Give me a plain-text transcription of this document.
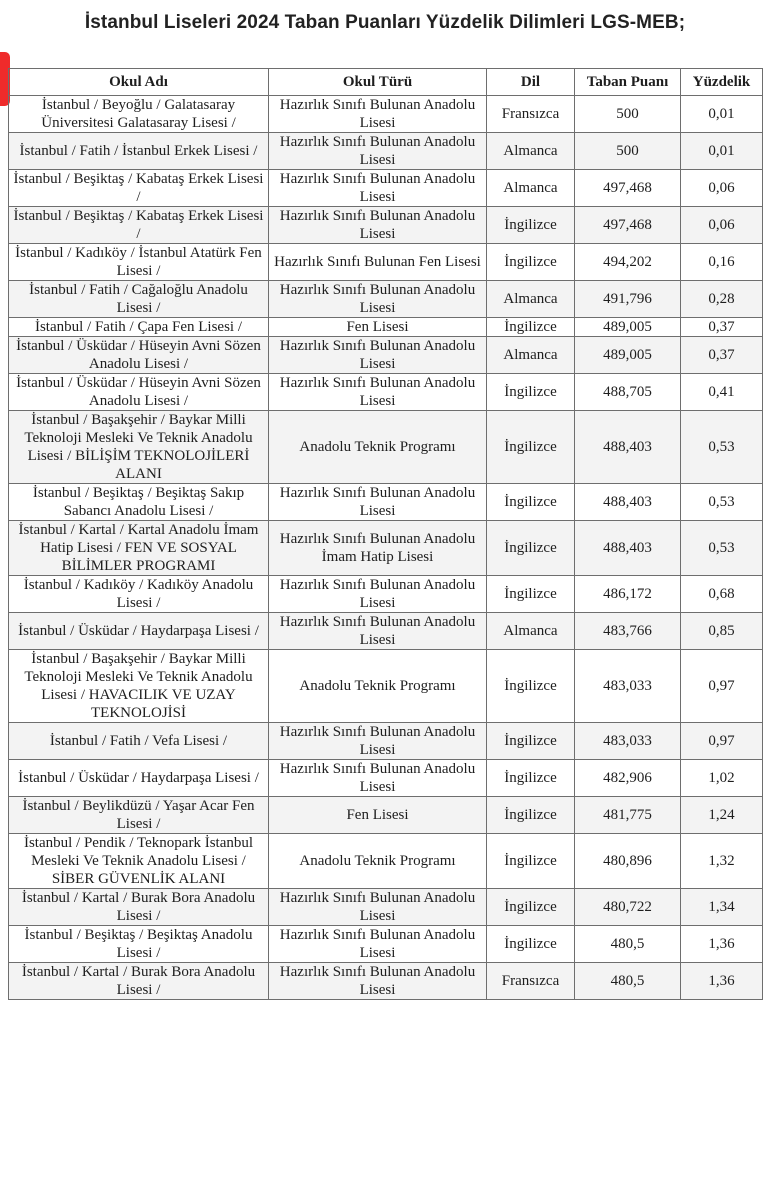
İstanbul Liseleri 2024 Taban Puanları Yüzdelik Dilimleri LGS-MEB;
Okul Adı	Okul Türü	Dil	Taban Puanı	Yüzdelik
İstanbul / Beyoğlu / Galatasaray Üniversitesi Galatasaray Lisesi /	Hazırlık Sınıfı Bulunan Anadolu Lisesi	Fransızca	500	0,01
İstanbul / Fatih / İstanbul Erkek Lisesi /	Hazırlık Sınıfı Bulunan Anadolu Lisesi	Almanca	500	0,01
İstanbul / Beşiktaş / Kabataş Erkek Lisesi /	Hazırlık Sınıfı Bulunan Anadolu Lisesi	Almanca	497,468	0,06
İstanbul / Beşiktaş / Kabataş Erkek Lisesi /	Hazırlık Sınıfı Bulunan Anadolu Lisesi	İngilizce	497,468	0,06
İstanbul / Kadıköy / İstanbul Atatürk Fen Lisesi /	Hazırlık Sınıfı Bulunan Fen Lisesi	İngilizce	494,202	0,16
İstanbul / Fatih / Cağaloğlu Anadolu Lisesi /	Hazırlık Sınıfı Bulunan Anadolu Lisesi	Almanca	491,796	0,28
İstanbul / Fatih / Çapa Fen Lisesi /	Fen Lisesi	İngilizce	489,005	0,37
İstanbul / Üsküdar / Hüseyin Avni Sözen Anadolu Lisesi /	Hazırlık Sınıfı Bulunan Anadolu Lisesi	Almanca	489,005	0,37
İstanbul / Üsküdar / Hüseyin Avni Sözen Anadolu Lisesi /	Hazırlık Sınıfı Bulunan Anadolu Lisesi	İngilizce	488,705	0,41
İstanbul / Başakşehir / Baykar Milli Teknoloji Mesleki Ve Teknik Anadolu Lisesi / BİLİŞİM TEKNOLOJİLERİ ALANI	Anadolu Teknik Programı	İngilizce	488,403	0,53
İstanbul / Beşiktaş / Beşiktaş Sakıp Sabancı Anadolu Lisesi /	Hazırlık Sınıfı Bulunan Anadolu Lisesi	İngilizce	488,403	0,53
İstanbul / Kartal / Kartal Anadolu İmam Hatip Lisesi / FEN VE SOSYAL BİLİMLER PROGRAMI	Hazırlık Sınıfı Bulunan Anadolu İmam Hatip Lisesi	İngilizce	488,403	0,53
İstanbul / Kadıköy / Kadıköy Anadolu Lisesi /	Hazırlık Sınıfı Bulunan Anadolu Lisesi	İngilizce	486,172	0,68
İstanbul / Üsküdar / Haydarpaşa Lisesi /	Hazırlık Sınıfı Bulunan Anadolu Lisesi	Almanca	483,766	0,85
İstanbul / Başakşehir / Baykar Milli Teknoloji Mesleki Ve Teknik Anadolu Lisesi / HAVACILIK VE UZAY TEKNOLOJİSİ	Anadolu Teknik Programı	İngilizce	483,033	0,97
İstanbul / Fatih / Vefa Lisesi /	Hazırlık Sınıfı Bulunan Anadolu Lisesi	İngilizce	483,033	0,97
İstanbul / Üsküdar / Haydarpaşa Lisesi /	Hazırlık Sınıfı Bulunan Anadolu Lisesi	İngilizce	482,906	1,02
İstanbul / Beylikdüzü / Yaşar Acar Fen Lisesi /	Fen Lisesi	İngilizce	481,775	1,24
İstanbul / Pendik / Teknopark İstanbul Mesleki Ve Teknik Anadolu Lisesi / SİBER GÜVENLİK ALANI	Anadolu Teknik Programı	İngilizce	480,896	1,32
İstanbul / Kartal / Burak Bora Anadolu Lisesi /	Hazırlık Sınıfı Bulunan Anadolu Lisesi	İngilizce	480,722	1,34
İstanbul / Beşiktaş / Beşiktaş Anadolu Lisesi /	Hazırlık Sınıfı Bulunan Anadolu Lisesi	İngilizce	480,5	1,36
İstanbul / Kartal / Burak Bora Anadolu Lisesi /	Hazırlık Sınıfı Bulunan Anadolu Lisesi	Fransızca	480,5	1,36
